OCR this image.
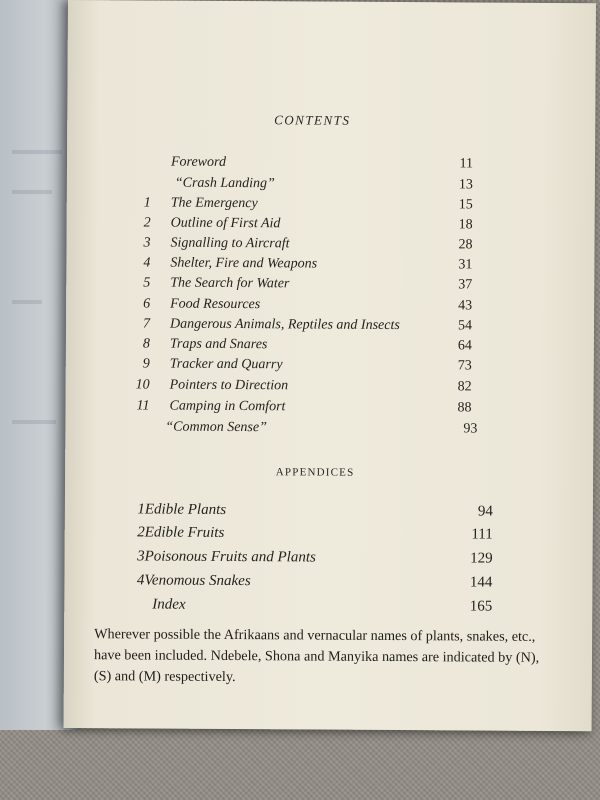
CONTENTS
Foreword	11
“Crash Landing”	13
1 The Emergency	15
2 Outline of First Aid	18
3 Signalling to Aircraft	28
4 Shelter, Fire and Weapons	31
5 The Search for Water	37
6 Food Resources	43
7 Dangerous Animals, Reptiles and Insects	54
8 Traps and Snares	64
9 Tracker and Quarry	73
10 Pointers to Direction	82
11 Camping in Comfort	88
“Common Sense”	93
APPENDICES
1 Edible Plants	94
2 Edible Fruits	111
3 Poisonous Fruits and Plants	129
4 Venomous Snakes	144
Index	165
Wherever possible the Afrikaans and vernacular names of plants, snakes, etc., have been included. Ndebele, Shona and Manyika names are indicated by (N), (S) and (M) respectively.
